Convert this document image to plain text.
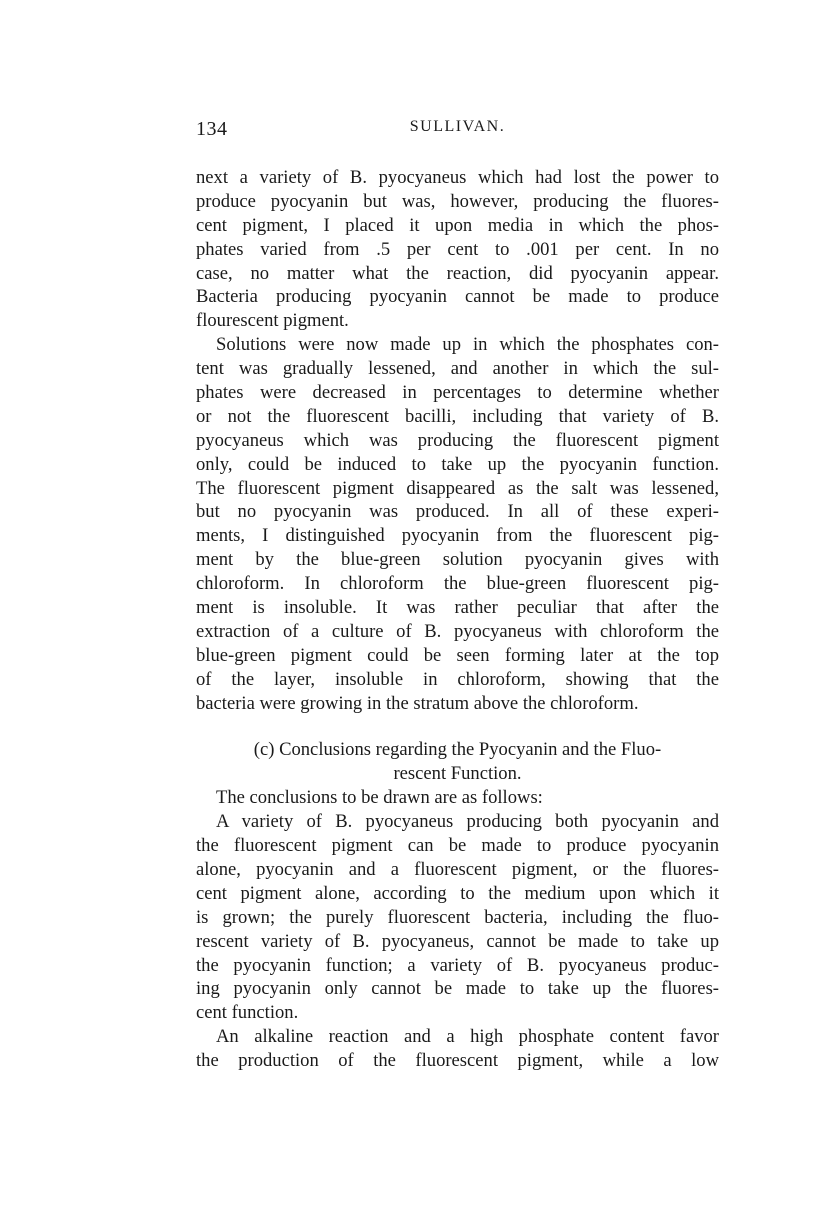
134	SULLIVAN.
next a variety of B. pyocyaneus which had lost the power to
produce pyocyanin but was, however, producing the fluores-
cent pigment, I placed it upon media in which the phos-
phates varied from .5 per cent to .001 per cent. In no
case, no matter what the reaction, did pyocyanin appear.
Bacteria producing pyocyanin cannot be made to produce
flourescent pigment.
Solutions were now made up in which the phosphates con-
tent was gradually lessened, and another in which the sul-
phates were decreased in percentages to determine whether
or not the fluorescent bacilli, including that variety of B.
pyocyaneus which was producing the fluorescent pigment
only, could be induced to take up the pyocyanin function.
The fluorescent pigment disappeared as the salt was lessened,
but no pyocyanin was produced. In all of these experi-
ments, I distinguished pyocyanin from the fluorescent pig-
ment by the blue-green solution pyocyanin gives with
chloroform. In chloroform the blue-green fluorescent pig-
ment is insoluble. It was rather peculiar that after the
extraction of a culture of B. pyocyaneus with chloroform the
blue-green pigment could be seen forming later at the top
of the layer, insoluble in chloroform, showing that the
bacteria were growing in the stratum above the chloroform.
(c) Conclusions regarding the Pyocyanin and the Fluo-
rescent Function.
The conclusions to be drawn are as follows:
A variety of B. pyocyaneus producing both pyocyanin and
the fluorescent pigment can be made to produce pyocyanin
alone, pyocyanin and a fluorescent pigment, or the fluores-
cent pigment alone, according to the medium upon which it
is grown; the purely fluorescent bacteria, including the fluo-
rescent variety of B. pyocyaneus, cannot be made to take up
the pyocyanin function; a variety of B. pyocyaneus produc-
ing pyocyanin only cannot be made to take up the fluores-
cent function.
An alkaline reaction and a high phosphate content favor
the production of the fluorescent pigment, while a low
